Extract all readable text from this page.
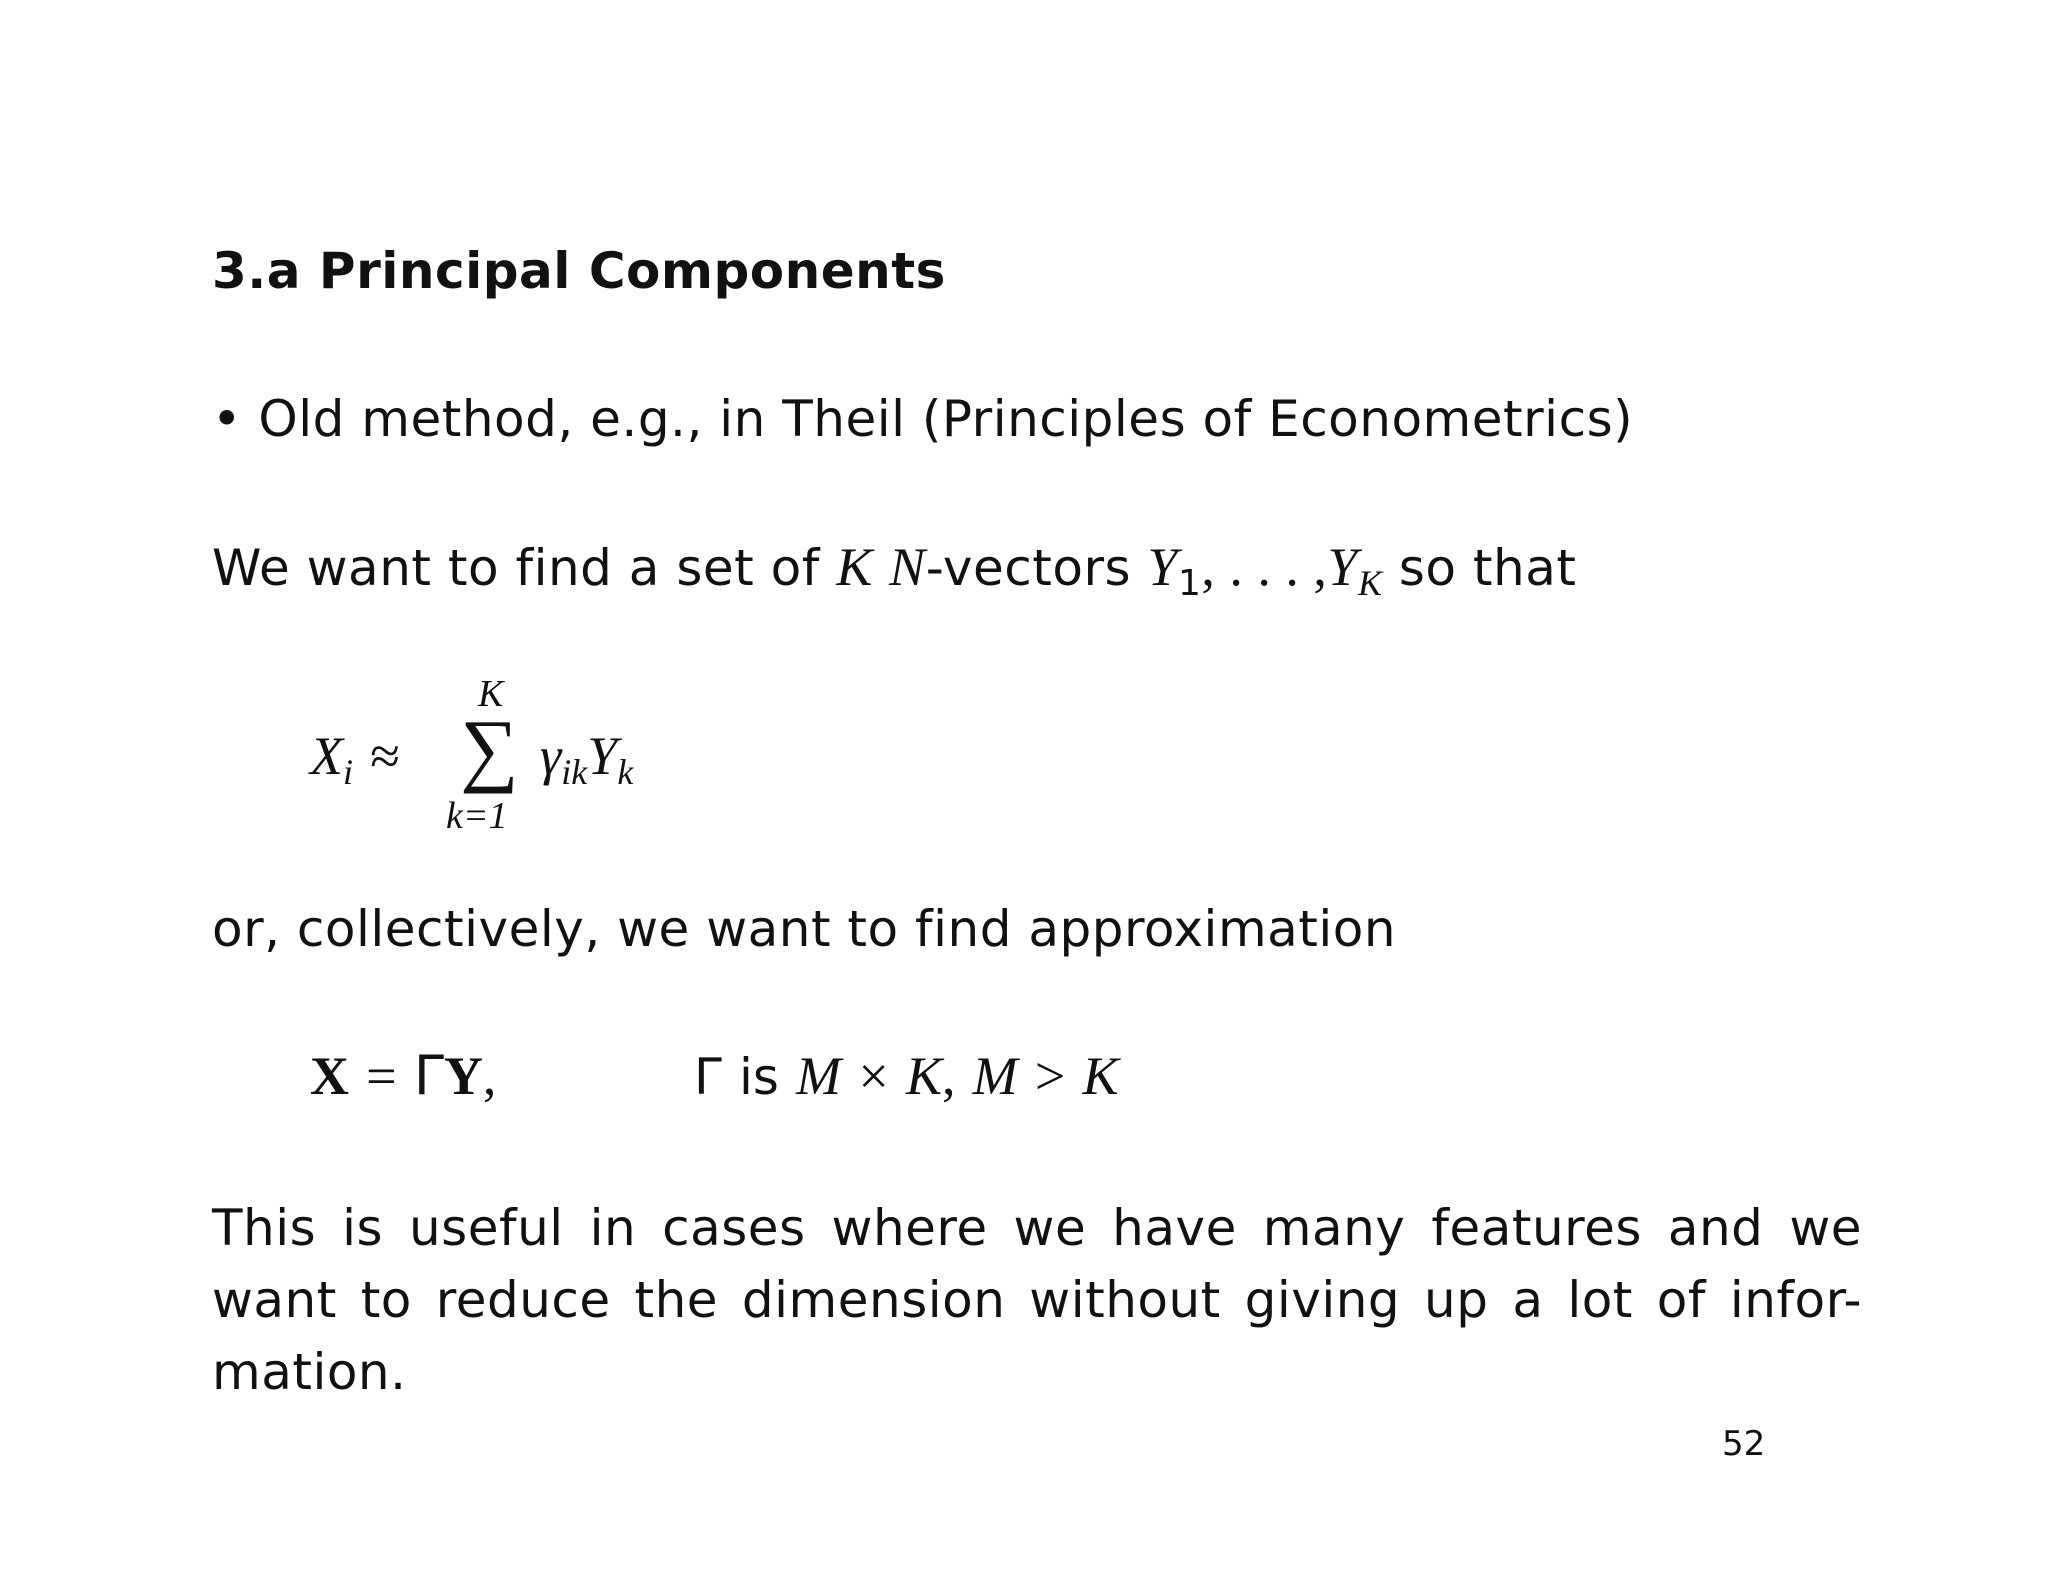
3.a Principal Components
• Old method, e.g., in Theil (Principles of Econometrics)
We want to find a set of K N-vectors $Y_1$, . . . $,Y_K$ so that
$X_i$ ≈
K
∑
k=1
$\gamma_{ik}Y_k$
or, collectively, we want to find approximation
X = ΓY,	Γ is M × K, M > K
This is useful in cases where we have many features and we
want to reduce the dimension without giving up a lot of infor-
mation.
52
